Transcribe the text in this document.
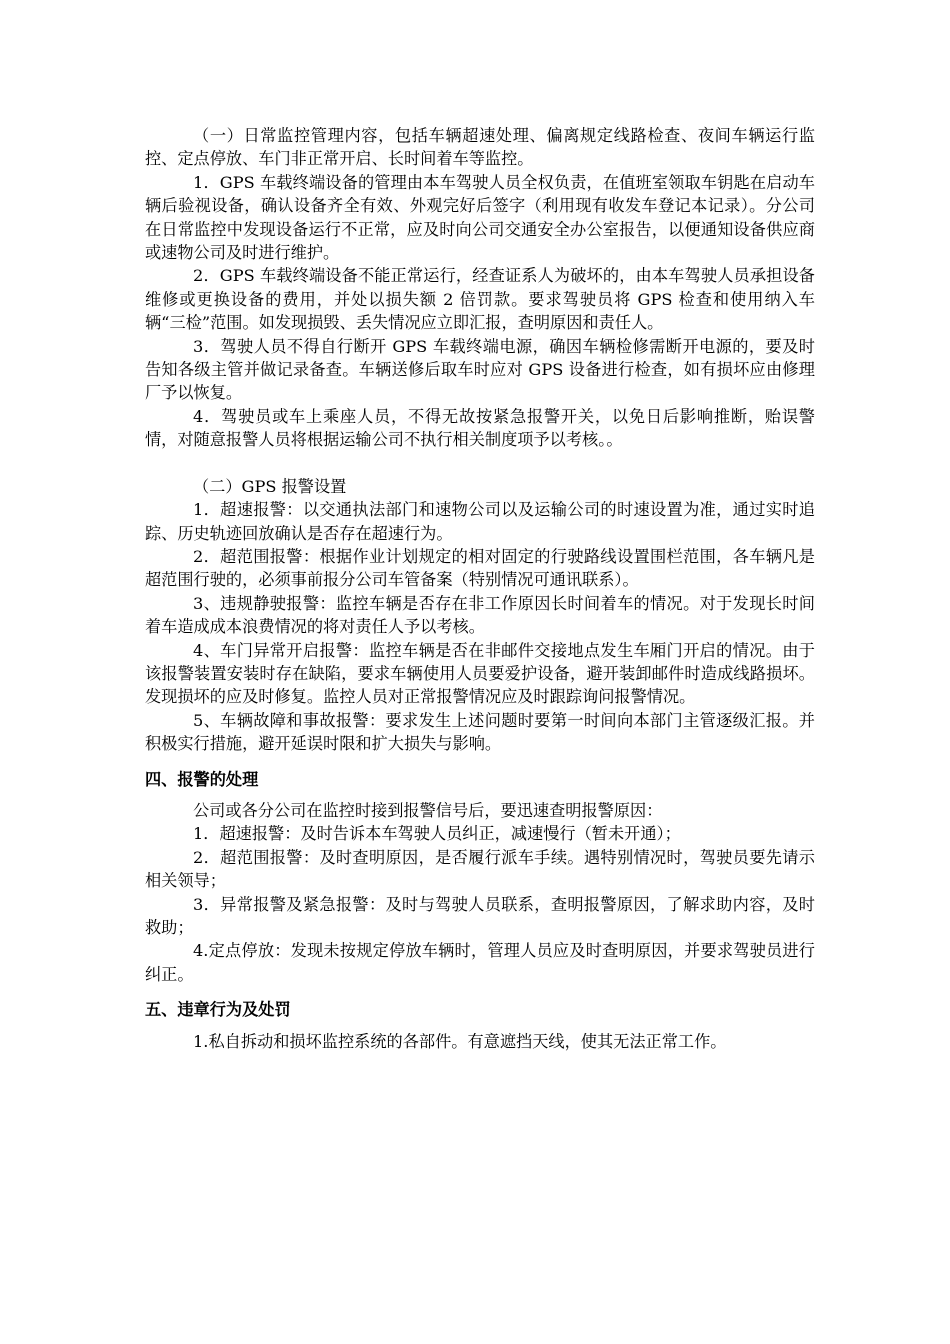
（一）日常监控管理内容，包括车辆超速处理、偏离规定线路检查、夜间车辆运行监控、定点停放、车门非正常开启、长时间着车等监控。

1．GPS 车载终端设备的管理由本车驾驶人员全权负责，在值班室领取车钥匙在启动车辆后验视设备，确认设备齐全有效、外观完好后签字（利用现有收发车登记本记录）。分公司在日常监控中发现设备运行不正常，应及时向公司交通安全办公室报告，以便通知设备供应商或速物公司及时进行维护。

2．GPS 车载终端设备不能正常运行，经查证系人为破坏的，由本车驾驶人员承担设备维修或更换设备的费用，并处以损失额 2 倍罚款。要求驾驶员将 GPS 检查和使用纳入车辆“三检”范围。如发现损毁、丢失情况应立即汇报，查明原因和责任人。

3．驾驶人员不得自行断开 GPS 车载终端电源，确因车辆检修需断开电源的，要及时告知各级主管并做记录备查。车辆送修后取车时应对 GPS 设备进行检查，如有损坏应由修理厂予以恢复。

4．驾驶员或车上乘座人员，不得无故按紧急报警开关，以免日后影响推断，贻误警情，对随意报警人员将根据运输公司不执行相关制度项予以考核。。

（二）GPS 报警设置

1．超速报警：以交通执法部门和速物公司以及运输公司的时速设置为准，通过实时追踪、历史轨迹回放确认是否存在超速行为。

2．超范围报警：根据作业计划规定的相对固定的行驶路线设置围栏范围，各车辆凡是超范围行驶的，必须事前报分公司车管备案（特别情况可通讯联系）。

3、违规静驶报警：监控车辆是否存在非工作原因长时间着车的情况。对于发现长时间着车造成成本浪费情况的将对责任人予以考核。

4、车门异常开启报警：监控车辆是否在非邮件交接地点发生车厢门开启的情况。由于该报警装置安装时存在缺陷，要求车辆使用人员要爱护设备，避开装卸邮件时造成线路损坏。发现损坏的应及时修复。监控人员对正常报警情况应及时跟踪询问报警情况。

5、车辆故障和事故报警：要求发生上述问题时要第一时间向本部门主管逐级汇报。并积极实行措施，避开延误时限和扩大损失与影响。

四、报警的处理

公司或各分公司在监控时接到报警信号后，要迅速查明报警原因：

1．超速报警：及时告诉本车驾驶人员纠正，减速慢行（暂未开通）；

2．超范围报警：及时查明原因，是否履行派车手续。遇特别情况时，驾驶员要先请示相关领导；

3．异常报警及紧急报警：及时与驾驶人员联系，查明报警原因，了解求助内容，及时救助；

4.定点停放：发现未按规定停放车辆时，管理人员应及时查明原因，并要求驾驶员进行纠正。

五、违章行为及处罚

1.私自拆动和损坏监控系统的各部件。有意遮挡天线，使其无法正常工作。
